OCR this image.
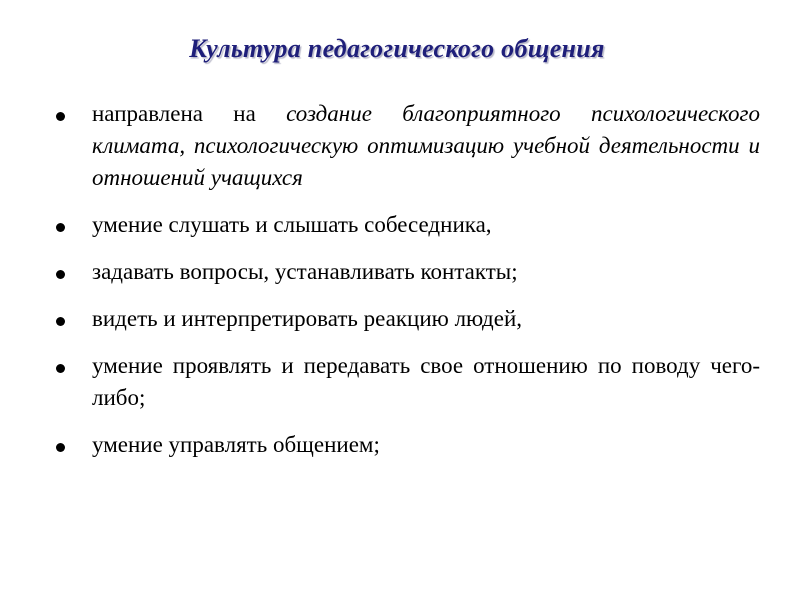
Культура педагогического общения
направлена на создание благоприятного психологического климата, психологическую оптимизацию учебной деятельности и отношений учащихся
умение слушать и слышать собеседника,
задавать вопросы, устанавливать контакты;
видеть и интерпретировать реакцию людей,
умение проявлять и передавать свое отношению по поводу чего-либо;
умение управлять общением;
